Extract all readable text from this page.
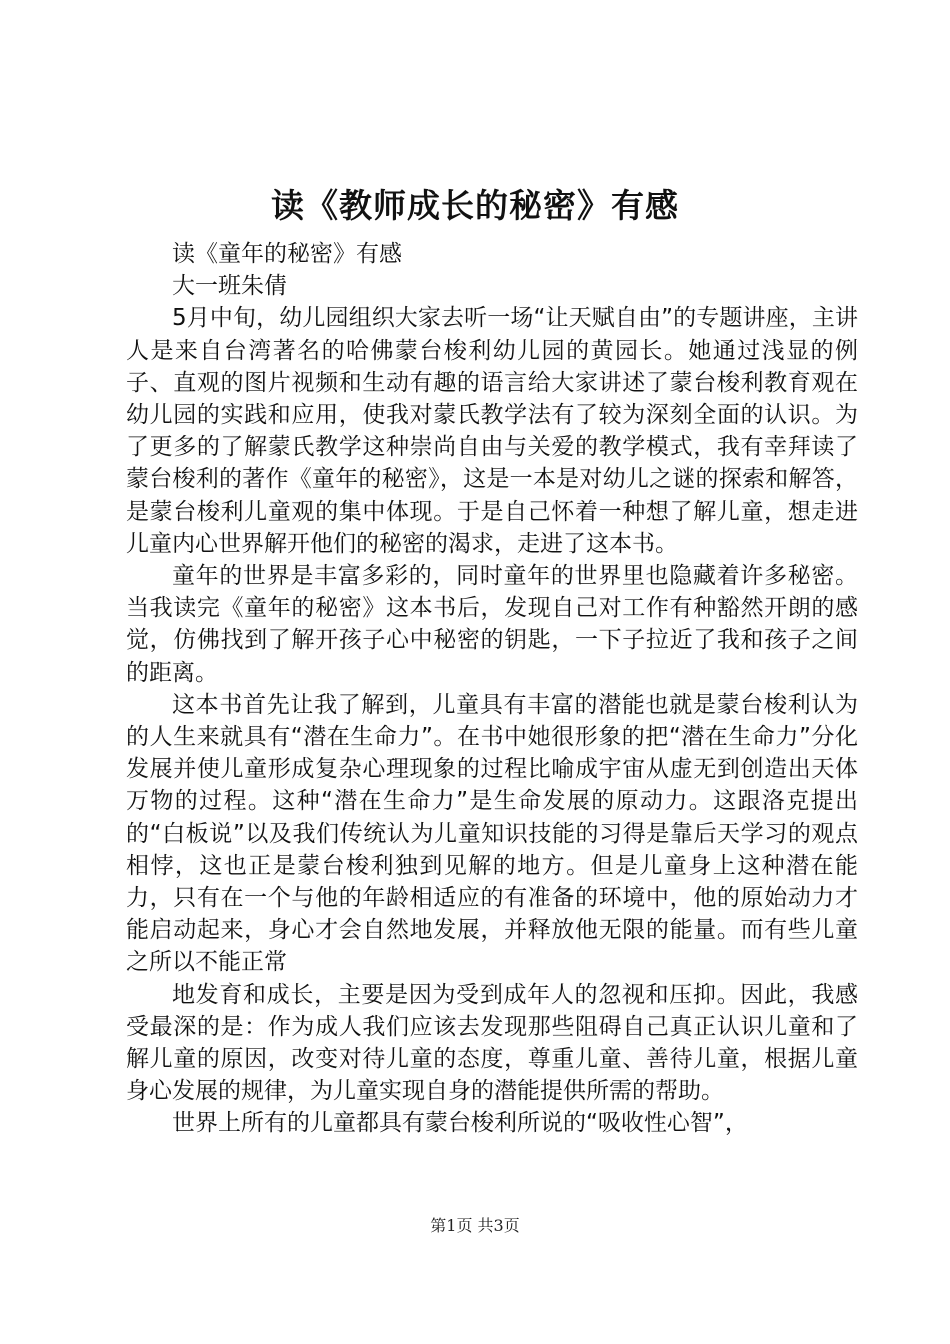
读《教师成长的秘密》有感

读《童年的秘密》有感

大一班朱倩

5月中旬，幼儿园组织大家去听一场“让天赋自由”的专题讲座，主讲人是来自台湾著名的哈佛蒙台梭利幼儿园的黄园长。她通过浅显的例子、直观的图片视频和生动有趣的语言给大家讲述了蒙台梭利教育观在幼儿园的实践和应用，使我对蒙氏教学法有了较为深刻全面的认识。为了更多的了解蒙氏教学这种崇尚自由与关爱的教学模式，我有幸拜读了蒙台梭利的著作《童年的秘密》，这是一本是对幼儿之谜的探索和解答，是蒙台梭利儿童观的集中体现。于是自己怀着一种想了解儿童，想走进儿童内心世界解开他们的秘密的渴求，走进了这本书。

童年的世界是丰富多彩的，同时童年的世界里也隐藏着许多秘密。当我读完《童年的秘密》这本书后，发现自己对工作有种豁然开朗的感觉，仿佛找到了解开孩子心中秘密的钥匙，一下子拉近了我和孩子之间的距离。

这本书首先让我了解到，儿童具有丰富的潜能也就是蒙台梭利认为的人生来就具有“潜在生命力”。在书中她很形象的把“潜在生命力”分化发展并使儿童形成复杂心理现象的过程比喻成宇宙从虚无到创造出天体万物的过程。这种“潜在生命力”是生命发展的原动力。这跟洛克提出的“白板说”以及我们传统认为儿童知识技能的习得是靠后天学习的观点相悖，这也正是蒙台梭利独到见解的地方。但是儿童身上这种潜在能力，只有在一个与他的年龄相适应的有准备的环境中，他的原始动力才能启动起来，身心才会自然地发展，并释放他无限的能量。而有些儿童之所以不能正常

地发育和成长，主要是因为受到成年人的忽视和压抑。因此，我感受最深的是：作为成人我们应该去发现那些阻碍自己真正认识儿童和了解儿童的原因，改变对待儿童的态度，尊重儿童、善待儿童，根据儿童身心发展的规律，为儿童实现自身的潜能提供所需的帮助。

世界上所有的儿童都具有蒙台梭利所说的“吸收性心智”，

第1页 共3页
